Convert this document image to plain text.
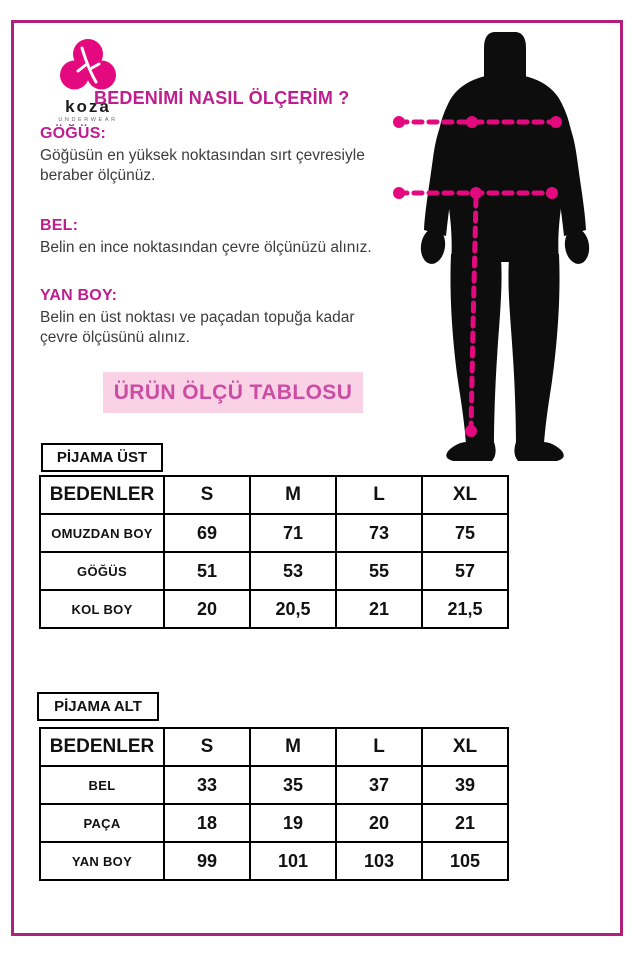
koza
UNDERWEAR
BEDENİMİ NASIL ÖLÇERİM ?
GÖĞÜS:

Göğüsün en yüksek noktasından sırt çevresiyle beraber ölçünüz.

BEL:

Belin en ince noktasından çevre ölçünüzü alınız.

YAN BOY:

Belin en üst noktası ve paçadan topuğa kadar çevre ölçüsünü alınız.

ÜRÜN ÖLÇÜ TABLOSU
PİJAMA ÜST
BEDENLER	S	M	L	XL
OMUZDAN BOY	69	71	73	75
GÖĞÜS	51	53	55	57
KOL BOY	20	20,5	21	21,5
PİJAMA ALT
BEDENLER	S	M	L	XL
BEL	33	35	37	39
PAÇA	18	19	20	21
YAN BOY	99	101	103	105
